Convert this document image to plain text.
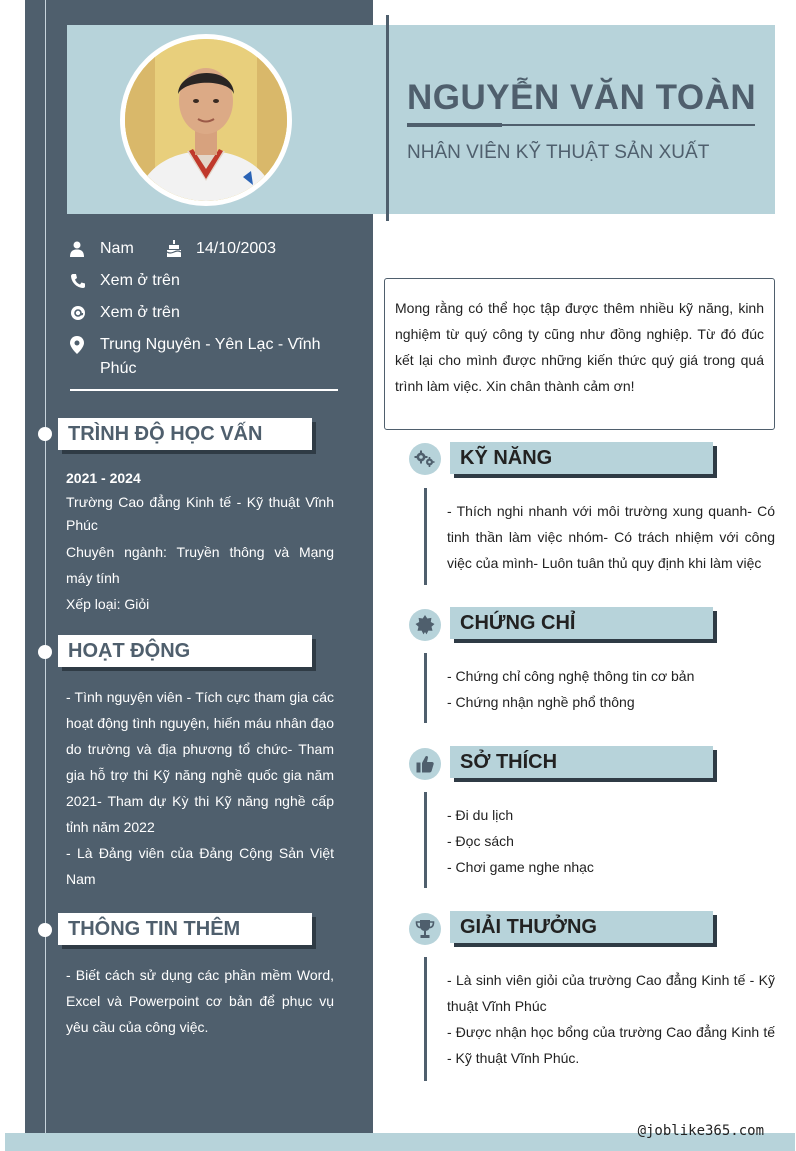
NGUYỄN VĂN TOÀN
NHÂN VIÊN KỸ THUẬT SẢN XUẤT
Nam	14/10/2003
Xem ở trên
Xem ở trên
Trung Nguyên - Yên Lạc - Vĩnh
Phúc
TRÌNH ĐỘ HỌC VẤN

2021 - 2024

Trường Cao đẳng Kinh tế - Kỹ thuật Vĩnh Phúc

Chuyên ngành: Truyền thông và Mạng máy tính

Xếp loại: Giỏi

HOẠT ĐỘNG

- Tình nguyện viên - Tích cực tham gia các hoạt động tình nguyện, hiến máu nhân đạo do trường và địa phương tổ chức- Tham gia hỗ trợ thi Kỹ năng nghề quốc gia năm 2021- Tham dự Kỳ thi Kỹ năng nghề cấp tỉnh năm 2022

- Là Đảng viên của Đảng Cộng Sản Việt Nam

THÔNG TIN THÊM
- Biết cách sử dụng các phần mềm Word, Excel và Powerpoint cơ bản để phục vụ yêu cầu của công việc.

Mong rằng có thể học tập được thêm nhiều kỹ năng, kinh nghiệm từ quý công ty cũng như đồng nghiệp. Từ đó đúc kết lại cho mình được những kiến thức quý giá trong quá trình làm việc. Xin chân thành cảm ơn!

KỸ NĂNG
- Thích nghi nhanh với môi trường xung quanh- Có tinh thần làm việc nhóm- Có trách nhiệm với công việc của mình- Luôn tuân thủ quy định khi làm việc
CHỨNG CHỈ

- Chứng chỉ công nghệ thông tin cơ bản

- Chứng nhận nghề phổ thông

SỞ THÍCH

- Đi du lịch

- Đọc sách

- Chơi game nghe nhạc

GIẢI THƯỞNG

- Là sinh viên giỏi của trường Cao đẳng Kinh tế - Kỹ thuật Vĩnh Phúc

- Được nhận học bổng của trường Cao đẳng Kinh tế - Kỹ thuật Vĩnh Phúc.

@joblike365.com
